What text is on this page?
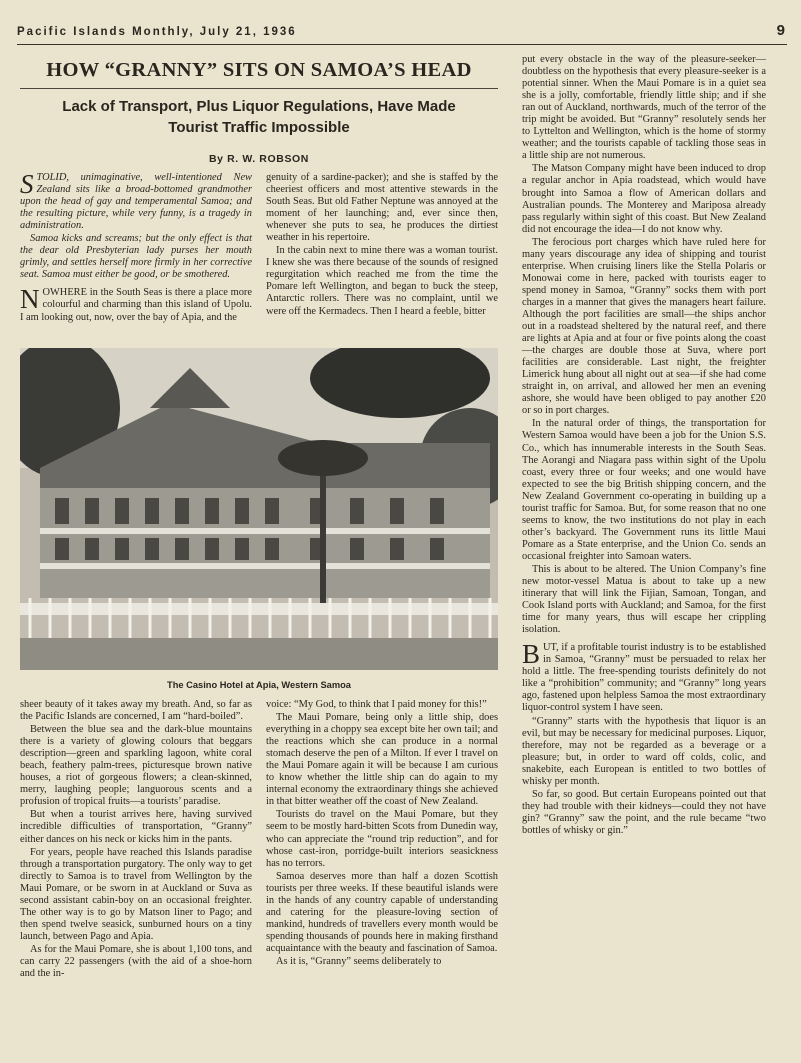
Pacific Islands Monthly, July 21, 1936	9
HOW “GRANNY” SITS ON SAMOA’S HEAD
Lack of Transport, Plus Liquor Regulations, Have Made
Tourist Traffic Impossible
By R. W. ROBSON

STOLID, unimaginative, well-intentioned New Zealand sits like a broad-bottomed grandmother upon the head of gay and temperamental Samoa; and the resulting picture, while very funny, is a tragedy in administration.

Samoa kicks and screams; but the only effect is that the dear old Presbyterian lady purses her mouth grimly, and settles herself more firmly in her corrective seat. Samoa must either be good, or be smothered.

NOWHERE in the South Seas is there a place more colourful and charming than this island of Upolu. I am looking out, now, over the bay of Apia, and the

genuity of a sardine-packer); and she is staffed by the cheeriest officers and most attentive stewards in the South Seas. But old Father Neptune was annoyed at the moment of her launching; and, ever since then, whenever she puts to sea, he produces the dirtiest weather in his repertoire.

In the cabin next to mine there was a woman tourist. I knew she was there because of the sounds of resigned regurgitation which reached me from the time the Pomare left Wellington, and began to buck the steep, Antarctic rollers. There was no complaint, until we were off the Kermadecs. Then I heard a feeble, bitter

The Casino Hotel at Apia, Western Samoa

sheer beauty of it takes away my breath. And, so far as the Pacific Islands are concerned, I am “hard-boiled”.

Between the blue sea and the dark-blue mountains there is a variety of glowing colours that beggars description—green and sparkling lagoon, white coral beach, feathery palm-trees, picturesque brown native houses, a riot of gorgeous flowers; a clean-skinned, merry, laughing people; languorous scents and a profusion of tropical fruits—a tourists’ paradise.

But when a tourist arrives here, having survived incredible difficulties of transportation, “Granny” either dances on his neck or kicks him in the pants.

For years, people have reached this Islands paradise through a transportation purgatory. The only way to get directly to Samoa is to travel from Wellington by the Maui Pomare, or be sworn in at Auckland or Suva as second assistant cabin-boy on an occasional freighter. The other way is to go by Matson liner to Pago; and then spend twelve seasick, sunburned hours on a tiny launch, between Pago and Apia.

As for the Maui Pomare, she is about 1,100 tons, and can carry 22 passengers (with the aid of a shoe-horn and the in-

voice: “My God, to think that I paid money for this!”

The Maui Pomare, being only a little ship, does everything in a choppy sea except bite her own tail; and the reactions which she can produce in a normal stomach deserve the pen of a Milton. If ever I travel on the Maui Pomare again it will be because I am curious to know whether the little ship can do again to my internal economy the extraordinary things she achieved in that bitter weather off the coast of New Zealand.

Tourists do travel on the Maui Pomare, but they seem to be mostly hard-bitten Scots from Dunedin way, who can appreciate the “round trip reduction”, and for whose cast-iron, porridge-built interiors seasickness has no terrors.

Samoa deserves more than half a dozen Scottish tourists per three weeks. If these beautiful islands were in the hands of any country capable of understanding and catering for the pleasure-loving section of mankind, hundreds of travellers every month would be spending thousands of pounds here in making firsthand acquaintance with the beauty and fascination of Samoa.

As it is, “Granny” seems deliberately to

put every obstacle in the way of the pleasure-seeker—doubtless on the hypothesis that every pleasure-seeker is a potential sinner. When the Maui Pomare is in a quiet sea she is a jolly, comfortable, friendly little ship; and if she ran out of Auckland, northwards, much of the terror of the trip might be avoided. But “Granny” resolutely sends her to Lyttelton and Wellington, which is the home of stormy weather; and the tourists capable of tackling those seas in a little ship are not numerous.

The Matson Company might have been induced to drop a regular anchor in Apia roadstead, which would have brought into Samoa a flow of American dollars and Australian pounds. The Monterey and Mariposa already pass regularly within sight of this coast. But New Zealand did not encourage the idea—I do not know why.

The ferocious port charges which have ruled here for many years discourage any idea of shipping and tourist enterprise. When cruising liners like the Stella Polaris or Monowai come in here, packed with tourists eager to spend money in Samoa, “Granny” socks them with port charges in a manner that gives the managers heart failure. Although the port facilities are small—the ships anchor out in a roadstead sheltered by the natural reef, and there are lights at Apia and at four or five points along the coast—the charges are double those at Suva, where port facilities are considerable. Last night, the freighter Limerick hung about all night out at sea—if she had come straight in, on arrival, and allowed her men an evening ashore, she would have been obliged to pay another £20 or so in port charges.

In the natural order of things, the transportation for Western Samoa would have been a job for the Union S.S. Co., which has innumerable interests in the South Seas. The Aorangi and Niagara pass within sight of the Upolu coast, every three or four weeks; and one would have expected to see the big British shipping concern, and the New Zealand Government co-operating in building up a tourist traffic for Samoa. But, for some reason that no one seems to know, the two institutions do not play in each other’s backyard. The Government runs its little Maui Pomare as a State enterprise, and the Union Co. sends an occasional freighter into Samoan waters.

This is about to be altered. The Union Company’s fine new motor-vessel Matua is about to take up a new itinerary that will link the Fijian, Samoan, Tongan, and Cook Island ports with Auckland; and Samoa, for the first time for many years, thus will escape her crippling isolation.

BUT, if a profitable tourist industry is to be established in Samoa, “Granny” must be persuaded to relax her hold a little. The free-spending tourists definitely do not like a “prohibition” community; and “Granny” long years ago, fastened upon helpless Samoa the most extraordinary liquor-control system I have seen.

“Granny” starts with the hypothesis that liquor is an evil, but may be necessary for medicinal purposes. Liquor, therefore, may not be regarded as a beverage or a pleasure; but, in order to ward off colds, colic, and snakebite, each European is entitled to two bottles of whisky per month.

So far, so good. But certain Europeans pointed out that they had trouble with their kidneys—could they not have gin? “Granny” saw the point, and the rule became “two bottles of whisky or gin.”
